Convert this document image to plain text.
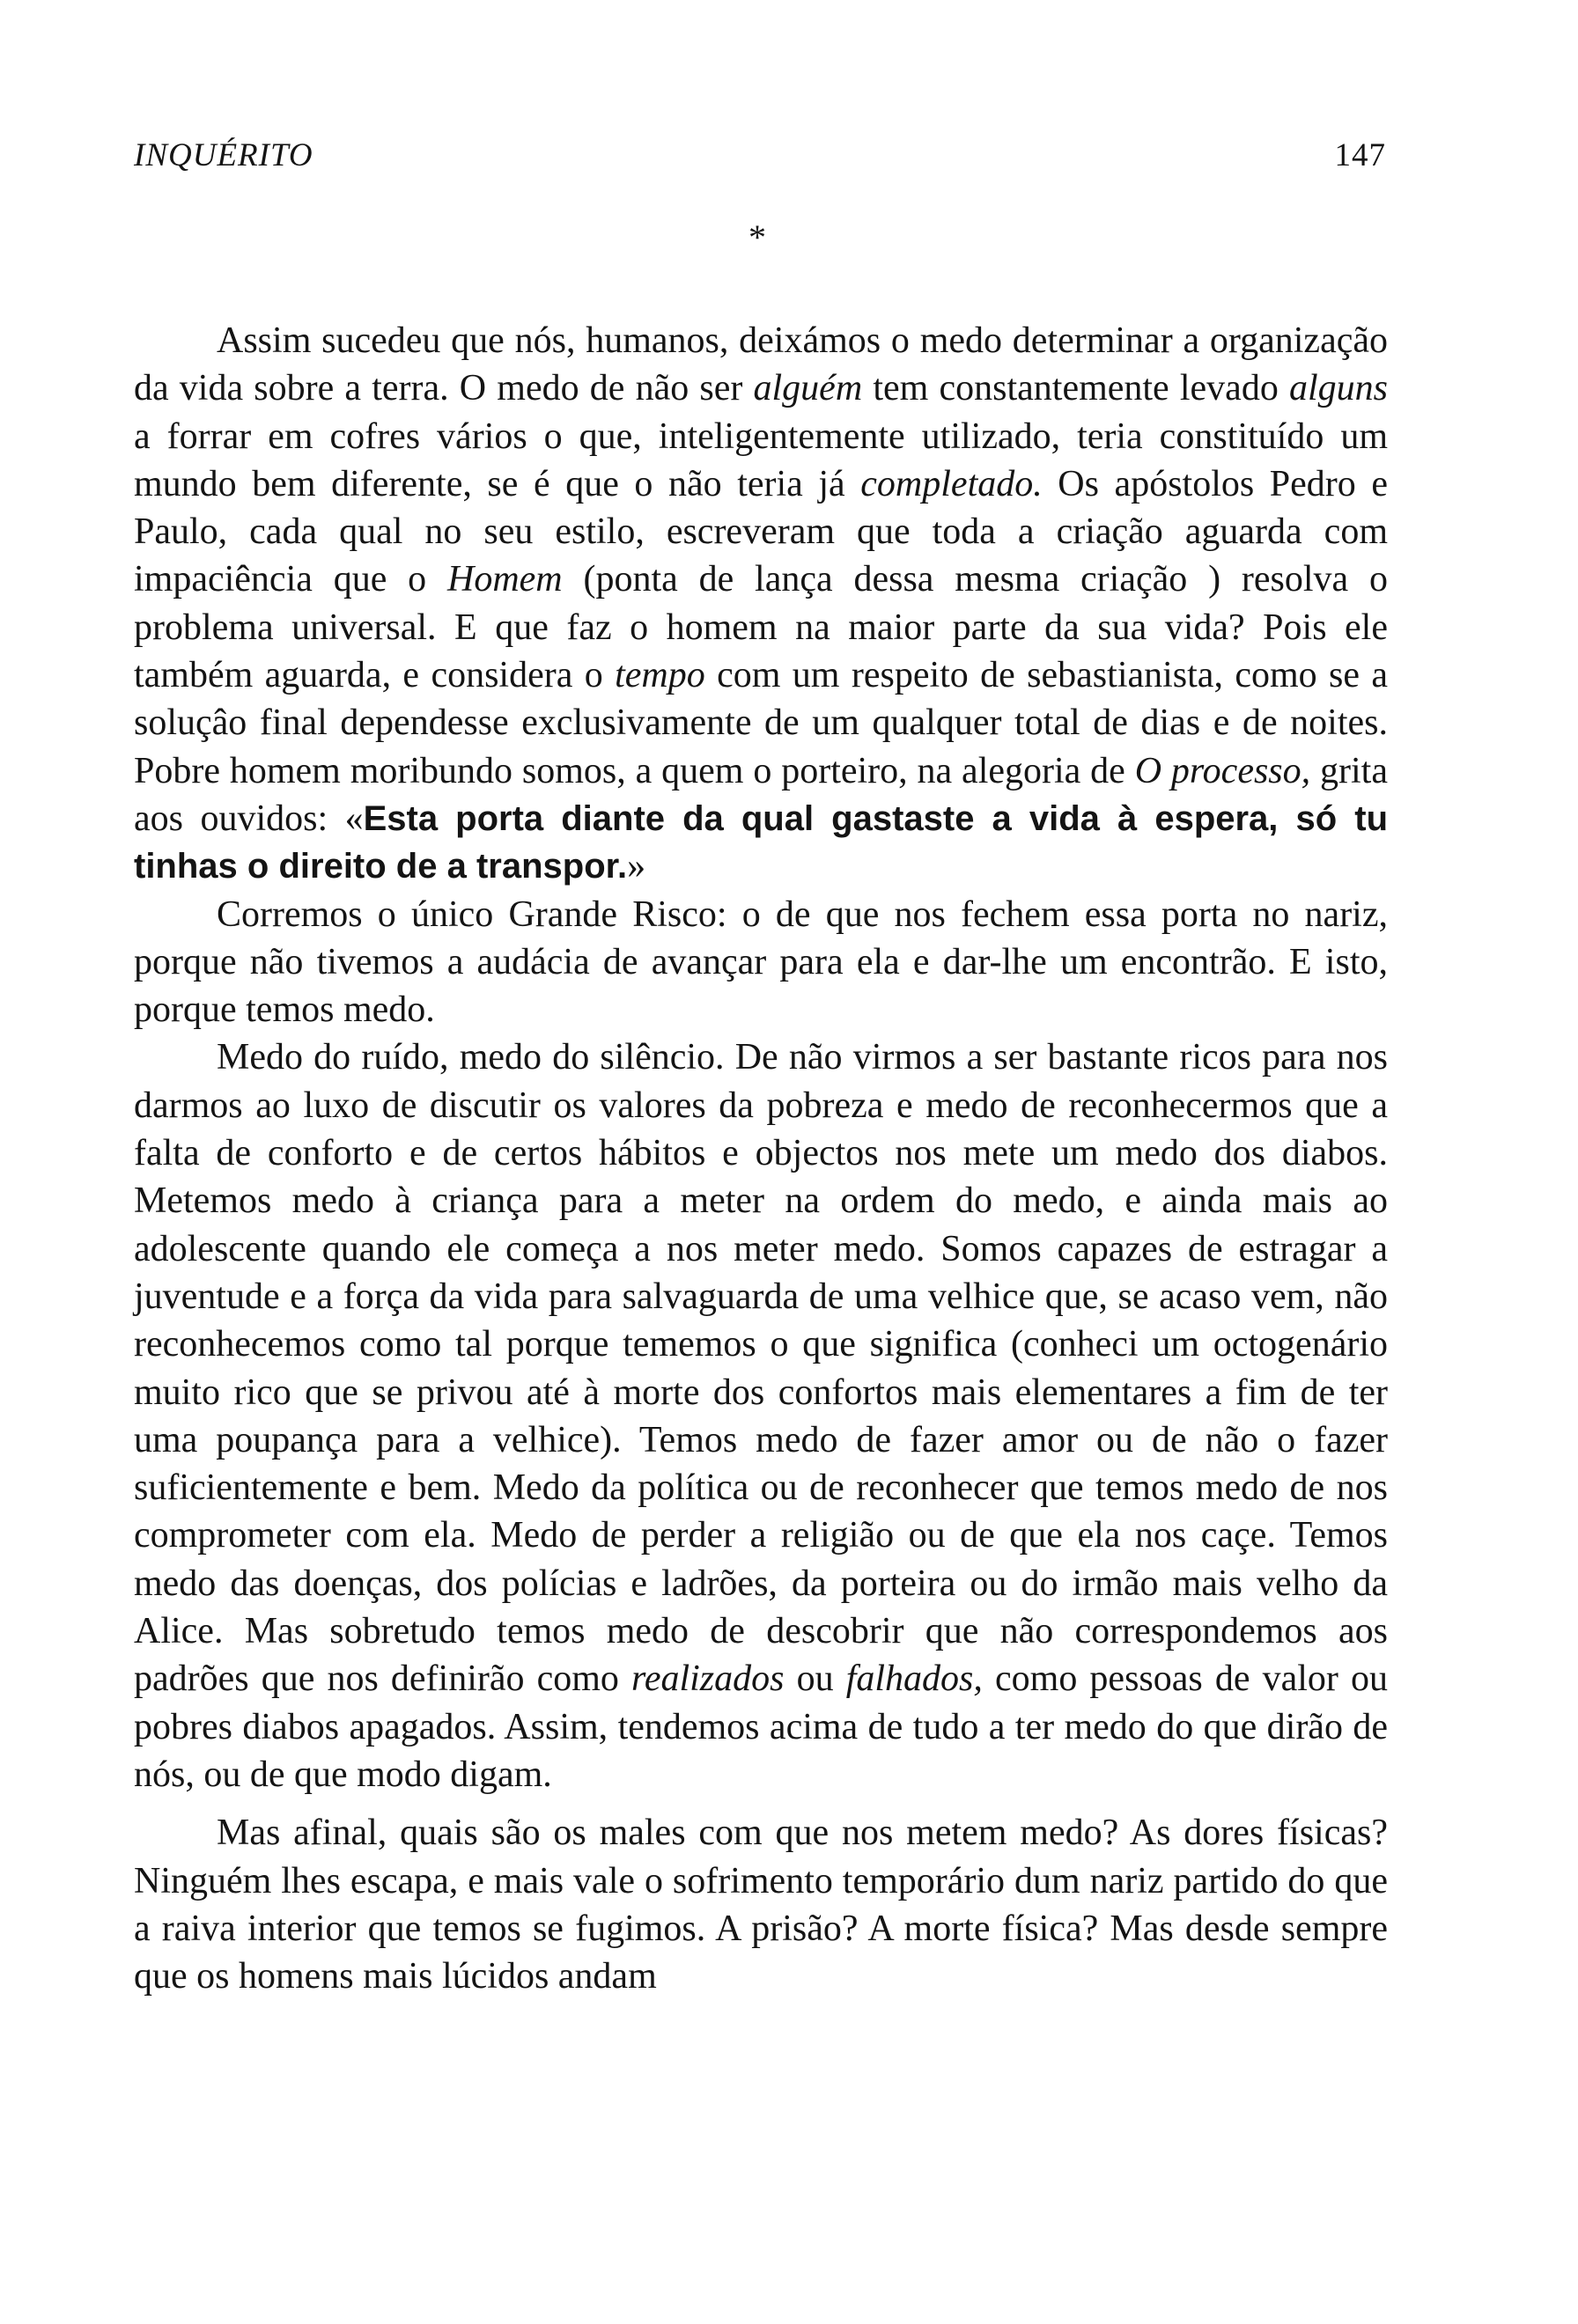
INQUÉRITO	147
*

Assim sucedeu que nós, humanos, deixámos o medo determinar a organização da vida sobre a terra. O medo de não ser alguém tem constantemente levado alguns a forrar em cofres vários o que, inteligentemente utilizado, teria constituído um mundo bem diferente, se é que o não teria já completado. Os apóstolos Pedro e Paulo, cada qual no seu estilo, escreveram que toda a criação aguarda com impaciência que o Homem (ponta de lança dessa mesma criação ) resolva o problema universal. E que faz o homem na maior parte da sua vida? Pois ele também aguarda, e considera o tempo com um respeito de sebastianista, como se a soluçâo final dependesse exclusivamente de um qualquer total de dias e de noites. Pobre homem moribundo somos, a quem o porteiro, na alegoria de O processo, grita aos ouvidos: «Esta porta diante da qual gastaste a vida à espera, só tu tinhas o direito de a transpor.»

Corremos o único Grande Risco: o de que nos fechem essa porta no nariz, porque não tivemos a audácia de avançar para ela e dar-lhe um encontrão. E isto, porque temos medo.

Medo do ruído, medo do silêncio. De não virmos a ser bastante ricos para nos darmos ao luxo de discutir os valores da pobreza e medo de reconhecermos que a falta de conforto e de certos hábitos e objectos nos mete um medo dos diabos. Metemos medo à criança para a meter na ordem do medo, e ainda mais ao adolescente quando ele começa a nos meter medo. Somos capazes de estragar a juventude e a força da vida para salvaguarda de uma velhice que, se acaso vem, não reconhecemos como tal porque tememos o que significa (conheci um octogenário muito rico que se privou até à morte dos confortos mais elementares a fim de ter uma poupança para a velhice). Temos medo de fazer amor ou de não o fazer suficientemente e bem. Medo da política ou de reconhecer que temos medo de nos comprometer com ela. Medo de perder a religião ou de que ela nos caçe. Temos medo das doenças, dos polícias e ladrões, da porteira ou do irmão mais velho da Alice. Mas sobretudo temos medo de descobrir que não correspondemos aos padrões que nos definirão como realizados ou falhados, como pessoas de valor ou pobres diabos apagados. Assim, tendemos acima de tudo a ter medo do que dirão de nós, ou de que modo digam.

Mas afinal, quais são os males com que nos metem medo? As dores físicas? Ninguém lhes escapa, e mais vale o sofrimento temporário dum nariz partido do que a raiva interior que temos se fugimos. A prisão? A morte física? Mas desde sempre que os homens mais lúcidos andam
